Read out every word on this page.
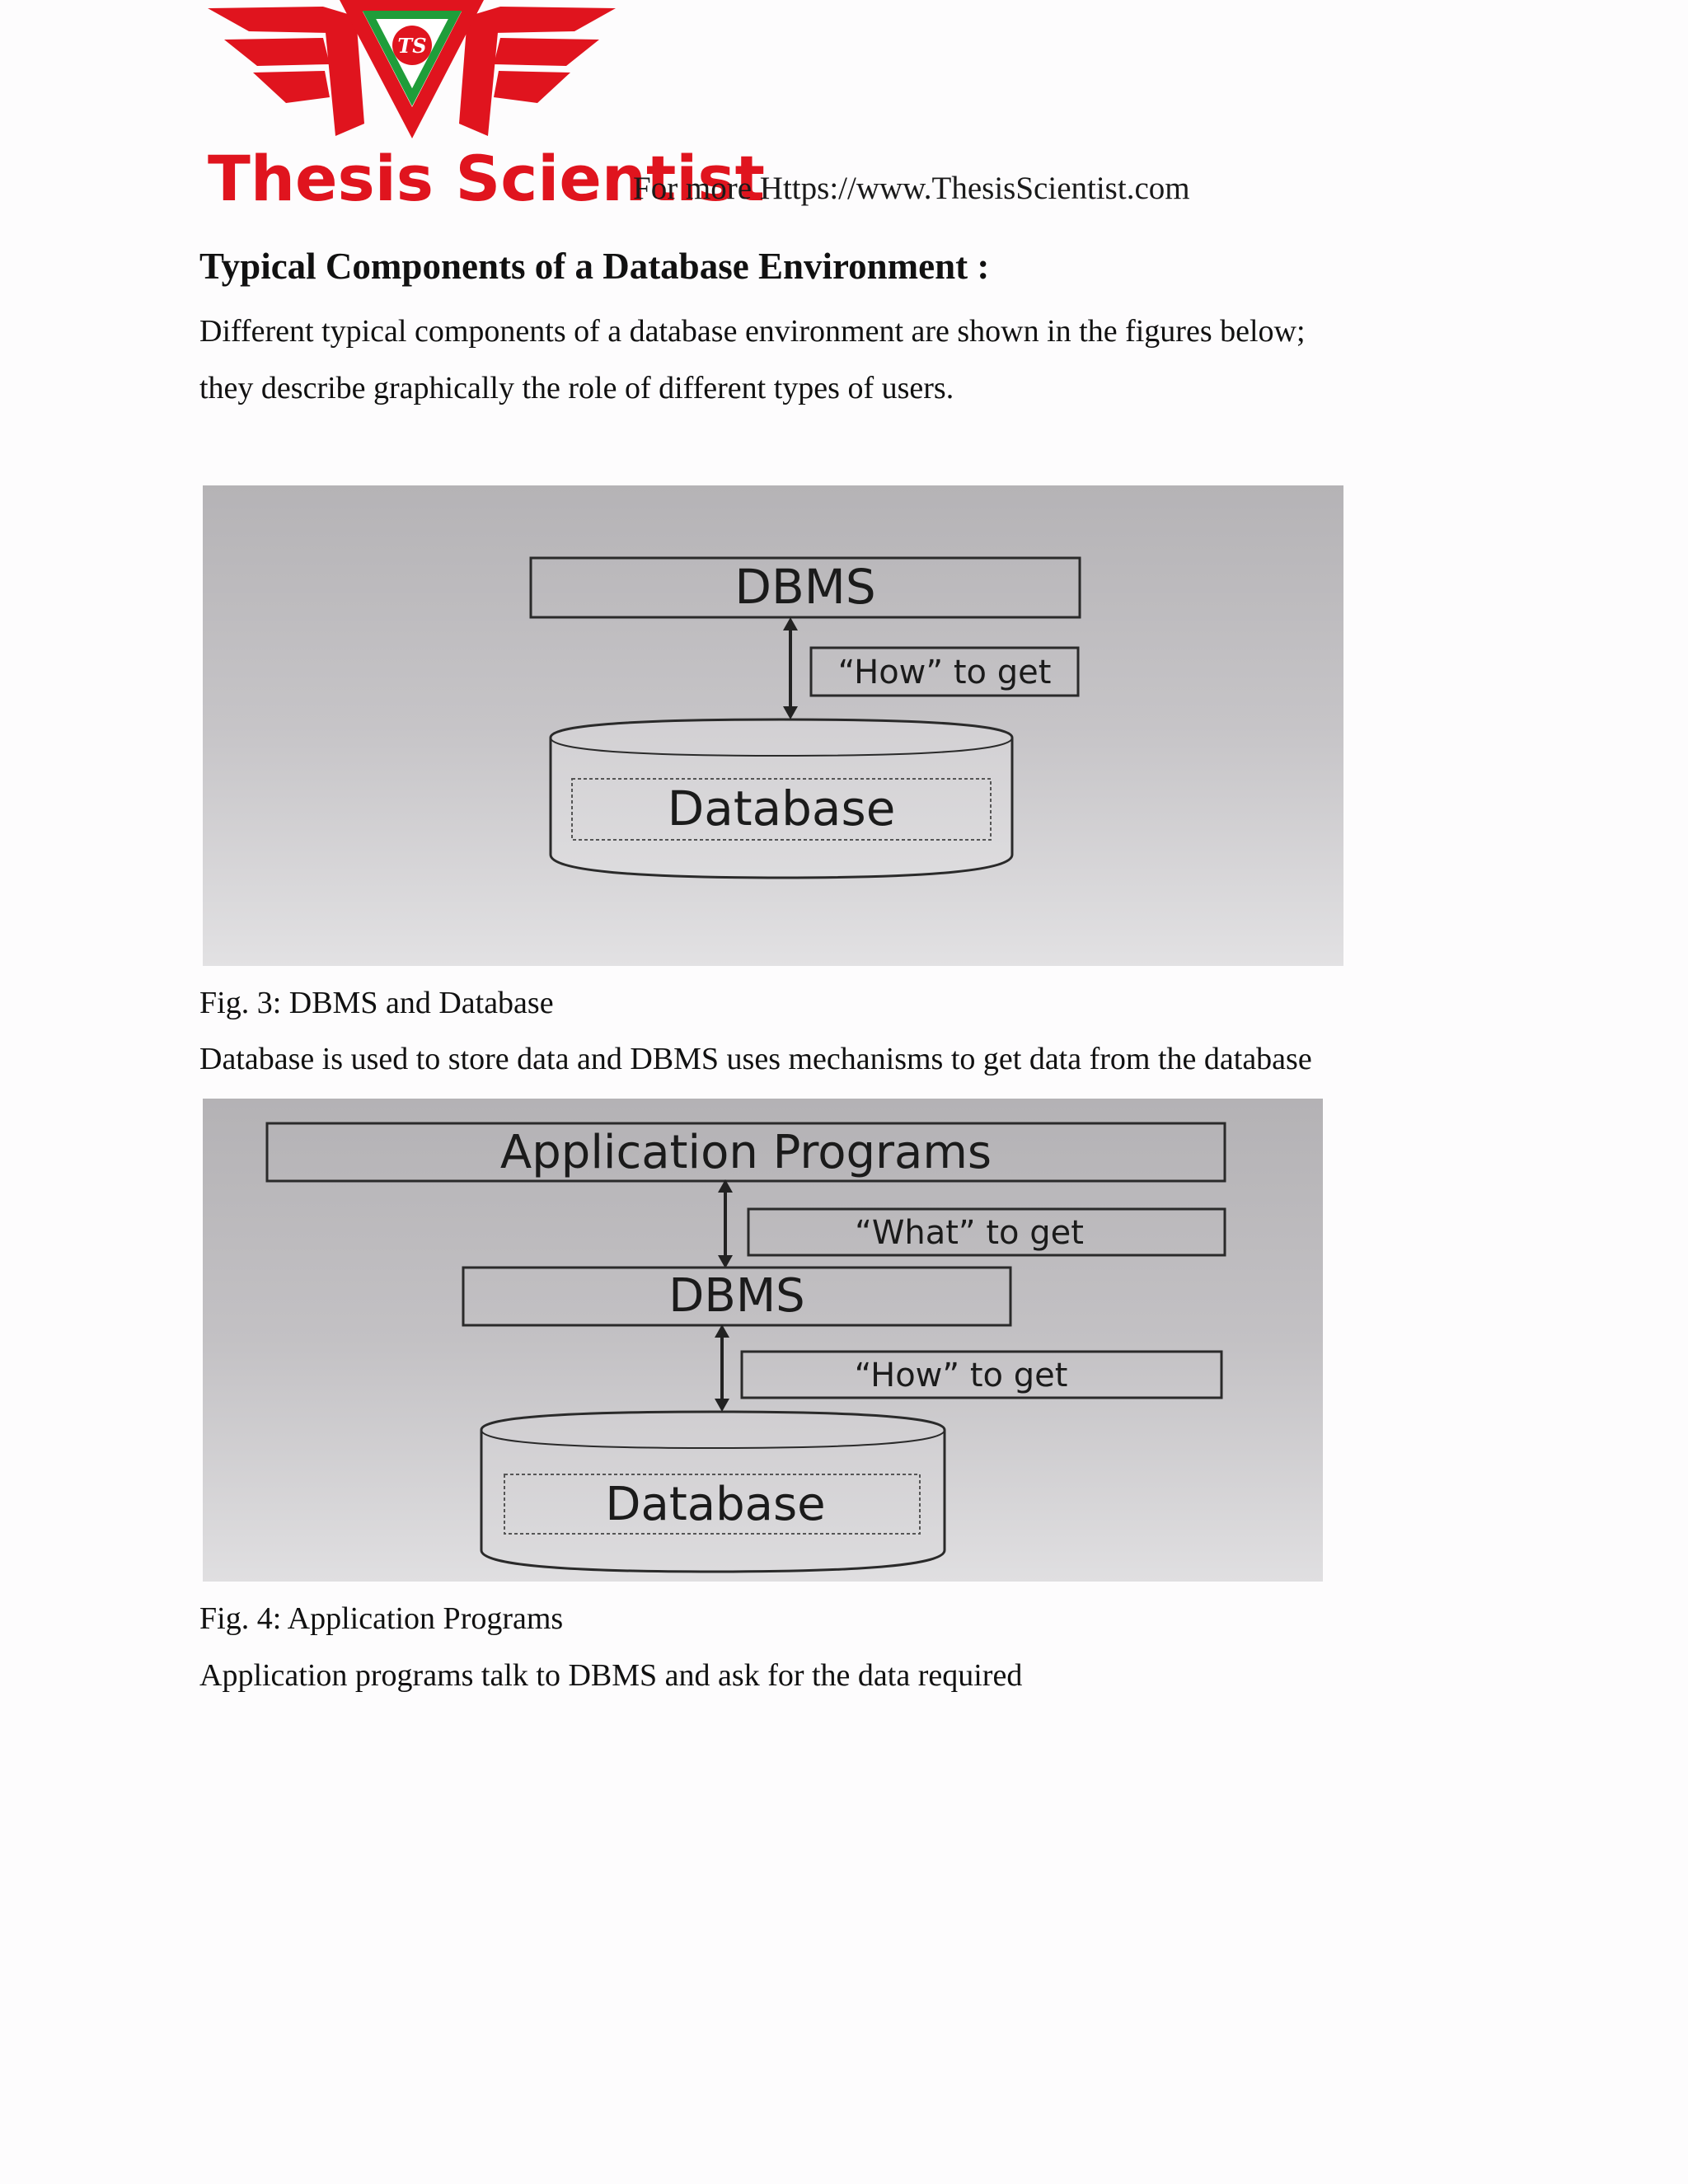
TS
Thesis Scientist
For more Https://www.ThesisScientist.com
Typical Components of a Database Environment :
Different typical components of a database environment are shown in the figures below;
they describe graphically the role of different types of users.
DBMS
“How” to get
Database
Fig. 3: DBMS and Database
Database is used to store data and DBMS uses mechanisms to get data from the database
Application Programs
“What” to get
DBMS
“How” to get
Database
Fig. 4: Application Programs
Application programs talk to DBMS and ask for the data required
